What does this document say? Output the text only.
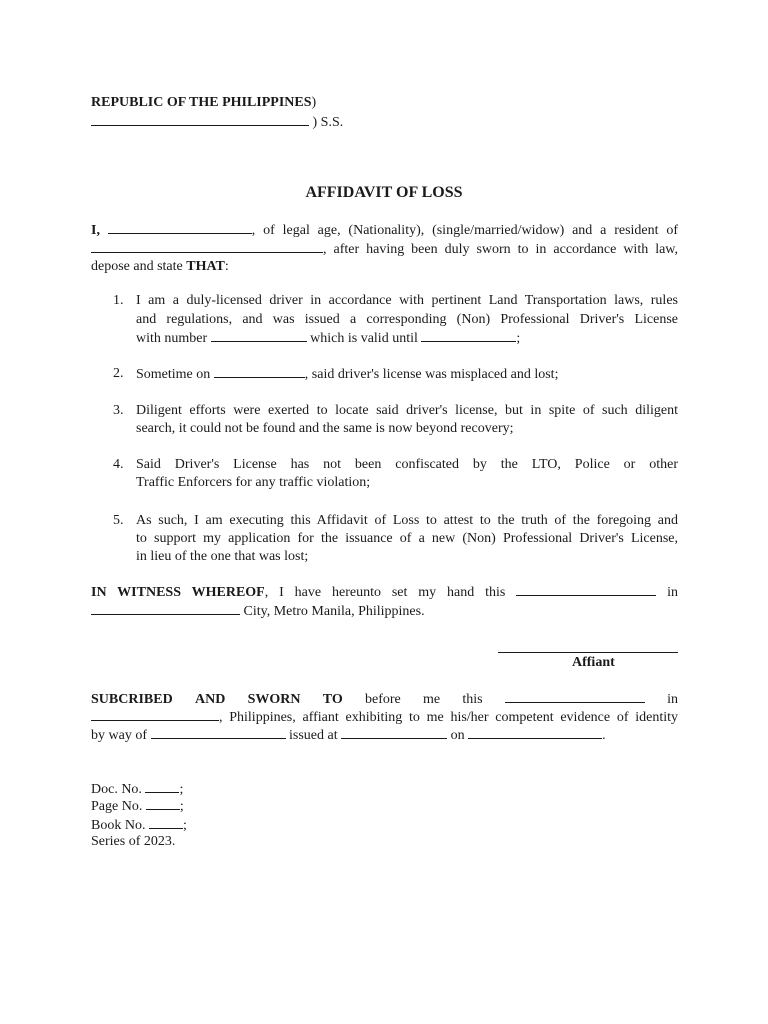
REPUBLIC OF THE PHILIPPINES)
) S.S.
AFFIDAVIT OF LOSS
I,	, of legal age, (Nationality), (single/married/widow) and a resident of
, after having been duly sworn to in accordance with law,
depose and state THAT:
1. I am a duly-licensed driver in accordance with pertinent Land Transportation laws, rules
and regulations, and was issued a corresponding (Non) Professional Driver's License
with number	which is valid until	;
2. Sometime on	, said driver's license was misplaced and lost;
3. Diligent efforts were exerted to locate said driver's license, but in spite of such diligent
search, it could not be found and the same is now beyond recovery;
4. Said Driver's License has not been confiscated by the LTO, Police or other
Traffic Enforcers for any traffic violation;
5. As such, I am executing this Affidavit of Loss to attest to the truth of the foregoing and
to support my application for the issuance of a new (Non) Professional Driver's License,
in lieu of the one that was lost;
IN WITNESS WHEREOF, I have hereunto set my hand this	in
City, Metro Manila, Philippines.
Affiant
SUBCRIBED AND SWORN TO before me this	in
, Philippines, affiant exhibiting to me his/her competent evidence of identity
by way of	issued at	on	.
Doc. No.	;
Page No.	;
Book No.	;
Series of 2023.
